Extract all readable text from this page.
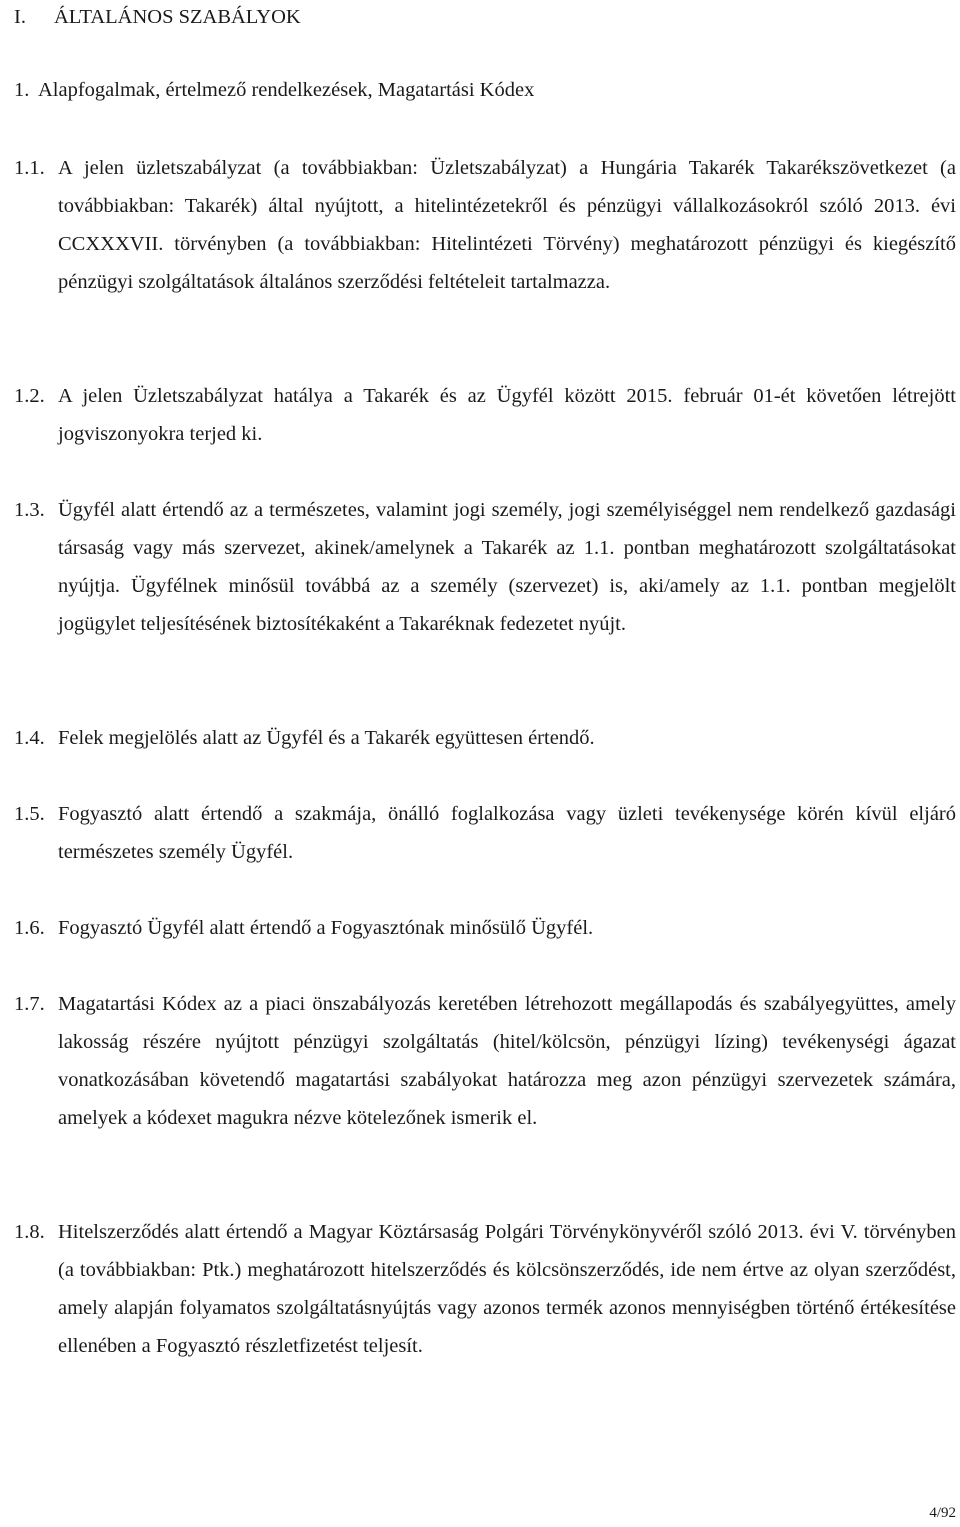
I. ÁLTALÁNOS SZABÁLYOK
1. Alapfogalmak, értelmező rendelkezések, Magatartási Kódex
1.1. A jelen üzletszabályzat (a továbbiakban: Üzletszabályzat) a Hungária Takarék Takarékszövetkezet (a továbbiakban: Takarék) által nyújtott, a hitelintézetekről és pénzügyi vállalkozásokról szóló 2013. évi CCXXXVII. törvényben (a továbbiakban: Hitelintézeti Törvény) meghatározott pénzügyi és kiegészítő pénzügyi szolgáltatások általános szerződési feltételeit tartalmazza.
1.2. A jelen Üzletszabályzat hatálya a Takarék és az Ügyfél között 2015. február 01-ét követően létrejött jogviszonyokra terjed ki.
1.3. Ügyfél alatt értendő az a természetes, valamint jogi személy, jogi személyiséggel nem rendelkező gazdasági társaság vagy más szervezet, akinek/amelynek a Takarék az 1.1. pontban meghatározott szolgáltatásokat nyújtja. Ügyfélnek minősül továbbá az a személy (szervezet) is, aki/amely az 1.1. pontban megjelölt jogügylet teljesítésének biztosítékaként a Takaréknak fedezetet nyújt.
1.4. Felek megjelölés alatt az Ügyfél és a Takarék együttesen értendő.
1.5. Fogyasztó alatt értendő a szakmája, önálló foglalkozása vagy üzleti tevékenysége körén kívül eljáró természetes személy Ügyfél.
1.6. Fogyasztó Ügyfél alatt értendő a Fogyasztónak minősülő Ügyfél.
1.7. Magatartási Kódex az a piaci önszabályozás keretében létrehozott megállapodás és szabályegyüttes, amely lakosság részére nyújtott pénzügyi szolgáltatás (hitel/kölcsön, pénzügyi lízing) tevékenységi ágazat vonatkozásában követendő magatartási szabályokat határozza meg azon pénzügyi szervezetek számára, amelyek a kódexet magukra nézve kötelezőnek ismerik el.
1.8. Hitelszerződés alatt értendő a Magyar Köztársaság Polgári Törvénykönyvéről szóló 2013. évi V. törvényben (a továbbiakban: Ptk.) meghatározott hitelszerződés és kölcsönszerződés, ide nem értve az olyan szerződést, amely alapján folyamatos szolgáltatásnyújtás vagy azonos termék azonos mennyiségben történő értékesítése ellenében a Fogyasztó részletfizetést teljesít.
4/92
